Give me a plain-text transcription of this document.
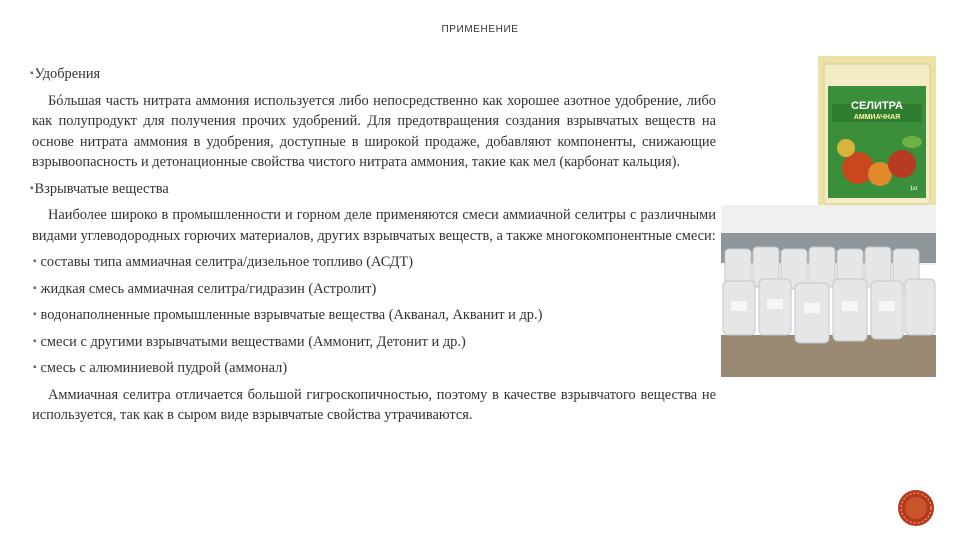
ПРИМЕНЕНИЕ
▪Удобрения

Бóльшая часть нитрата аммония используется либо непосредственно как хорошее азотное удобрение, либо как полупродукт для получения прочих удобрений. Для предотвращения создания взрывчатых веществ на основе нитрата аммония в удобрения, доступные в широкой продаже, добавляют компоненты, снижающие взрывоопасность и детонационные свойства чистого нитрата аммония, такие как мел (карбонат кальция).

▪Взрывчатые вещества

Наиболее широко в промышленности и горном деле применяются смеси аммиачной селитры с различными видами углеводородных горючих материалов, других взрывчатых веществ, а также многокомпонентные смеси:

▪ составы типа аммиачная селитра/дизельное топливо (АСДТ)
▪ жидкая смесь аммиачная селитра/гидразин (Астролит)
▪ водонаполненные промышленные взрывчатые вещества (Акванал, Акванит и др.)
▪ смеси с другими взрывчатыми веществами (Аммонит, Детонит и др.)
▪ смесь с алюминиевой пудрой (аммонал)

Аммиачная селитра отличается большой гигроскопичностью, поэтому в качестве взрывчатого вещества не используется, так как в сыром виде взрывчатые свойства утрачиваются.

СЕЛИТРА
АММИАЧНАЯ
1кг
